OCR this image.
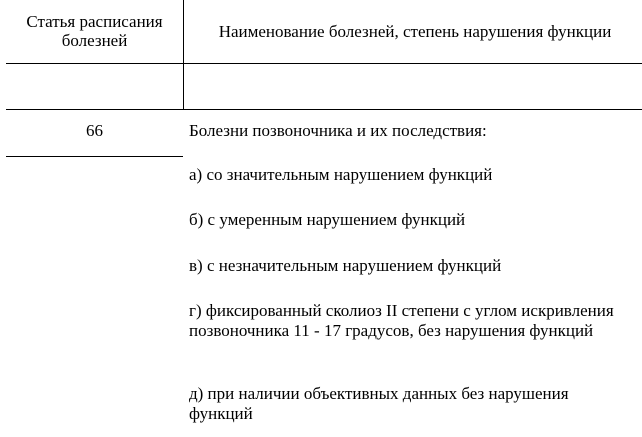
Статья расписания болезней	Наименование болезней, степень нарушения функции

66	Болезни позвоночника и их последствия:
а) со значительным нарушением функций
б) с умеренным нарушением функций
в) с незначительным нарушением функций
г) фиксированный сколиоз II степени с углом искривления позвоночника 11 - 17 градусов, без нарушения функций
д) при наличии объективных данных без нарушения функций
